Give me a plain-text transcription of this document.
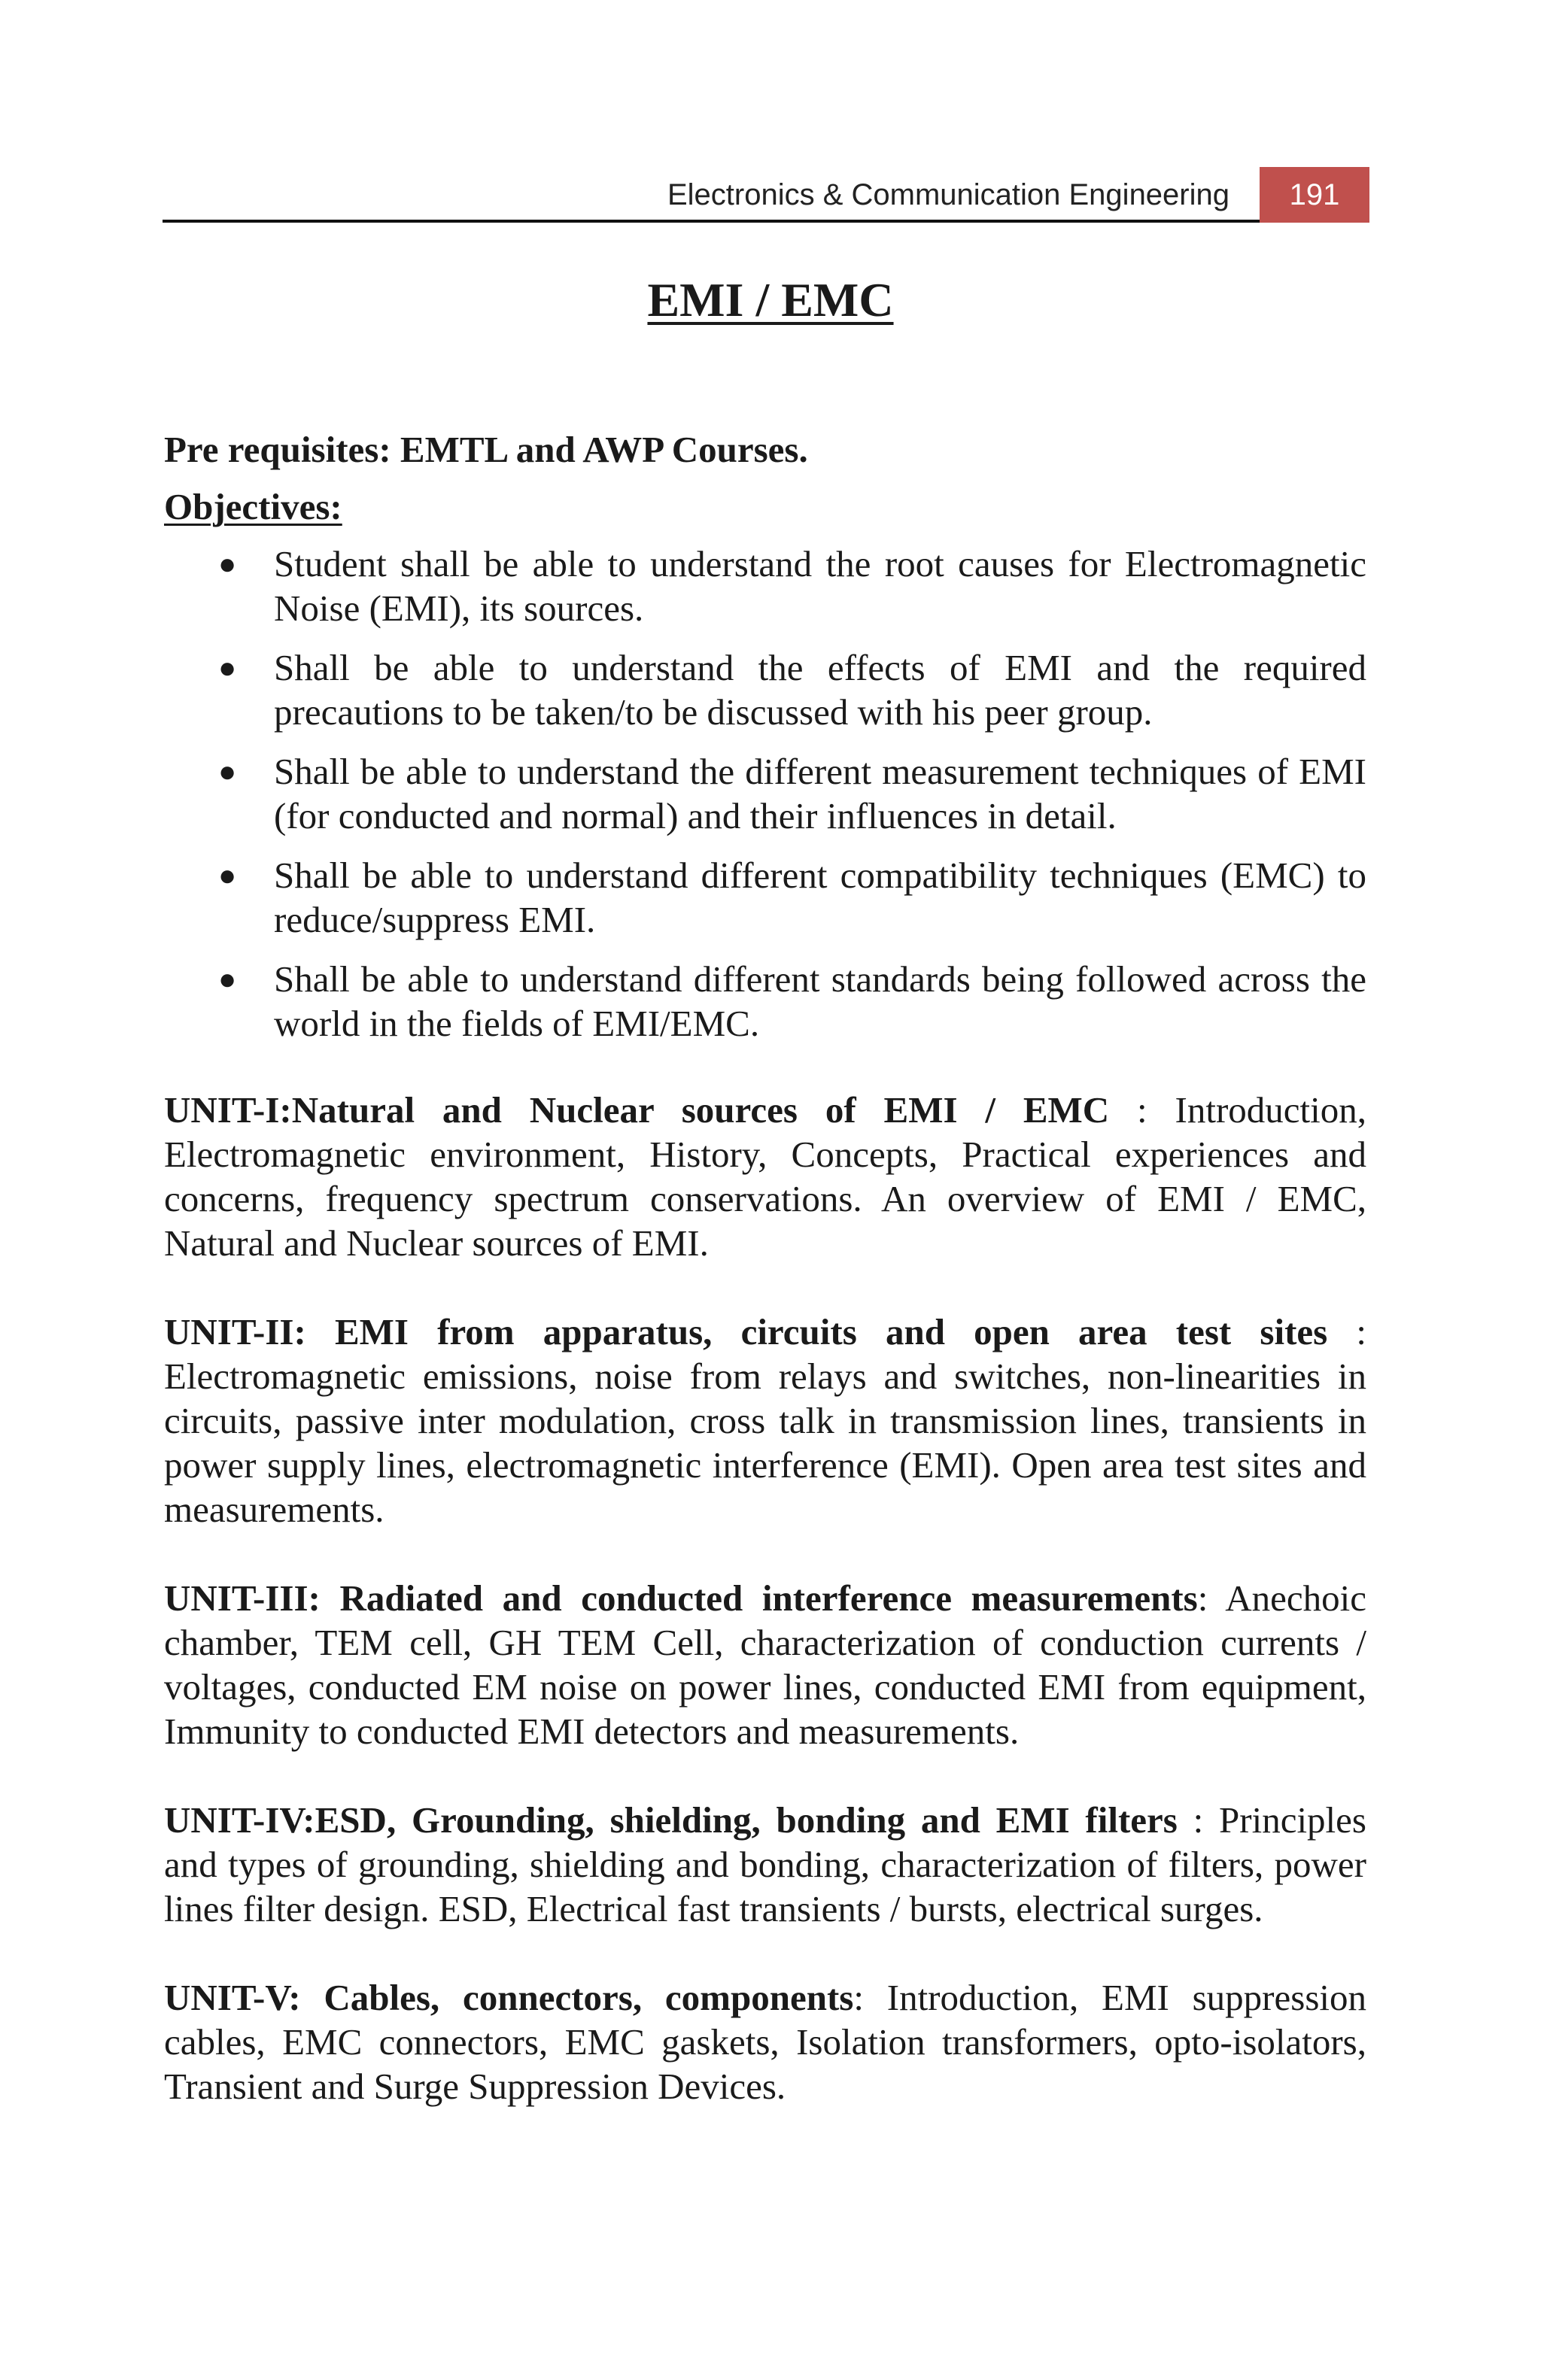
Electronics & Communication Engineering	191
EMI / EMC

Pre requisites: EMTL and AWP Courses.

Objectives:

● Student shall be able to understand the root causes for Electromagnetic Noise (EMI), its sources.
● Shall be able to understand the effects of EMI and the required precautions to be taken/to be discussed with his peer group.
● Shall be able to understand the different measurement techniques of EMI (for conducted and normal) and their influences in detail.
● Shall be able to understand different compatibility techniques (EMC) to reduce/suppress EMI.
● Shall be able to understand different standards being followed across the world in the fields of EMI/EMC.

UNIT-I:Natural and Nuclear sources of EMI / EMC : Introduction, Electromagnetic environment, History, Concepts, Practical experiences and concerns, frequency spectrum conservations. An overview of EMI / EMC, Natural and Nuclear sources of EMI.

UNIT-II: EMI from apparatus, circuits and open area test sites : Electromagnetic emissions, noise from relays and switches, non-linearities in circuits, passive inter modulation, cross talk in transmission lines, transients in power supply lines, electromagnetic interference (EMI). Open area test sites and measurements.

UNIT-III: Radiated and conducted interference measurements: Anechoic chamber, TEM cell, GH TEM Cell, characterization of conduction currents / voltages, conducted EM noise on power lines, conducted EMI from equipment, Immunity to conducted EMI detectors and measurements.

UNIT-IV:ESD, Grounding, shielding, bonding and EMI filters : Principles and types of grounding, shielding and bonding, characterization of filters, power lines filter design. ESD, Electrical fast transients / bursts, electrical surges.

UNIT-V: Cables, connectors, components: Introduction, EMI suppression cables, EMC connectors, EMC gaskets, Isolation transformers, opto-isolators, Transient and Surge Suppression Devices.
